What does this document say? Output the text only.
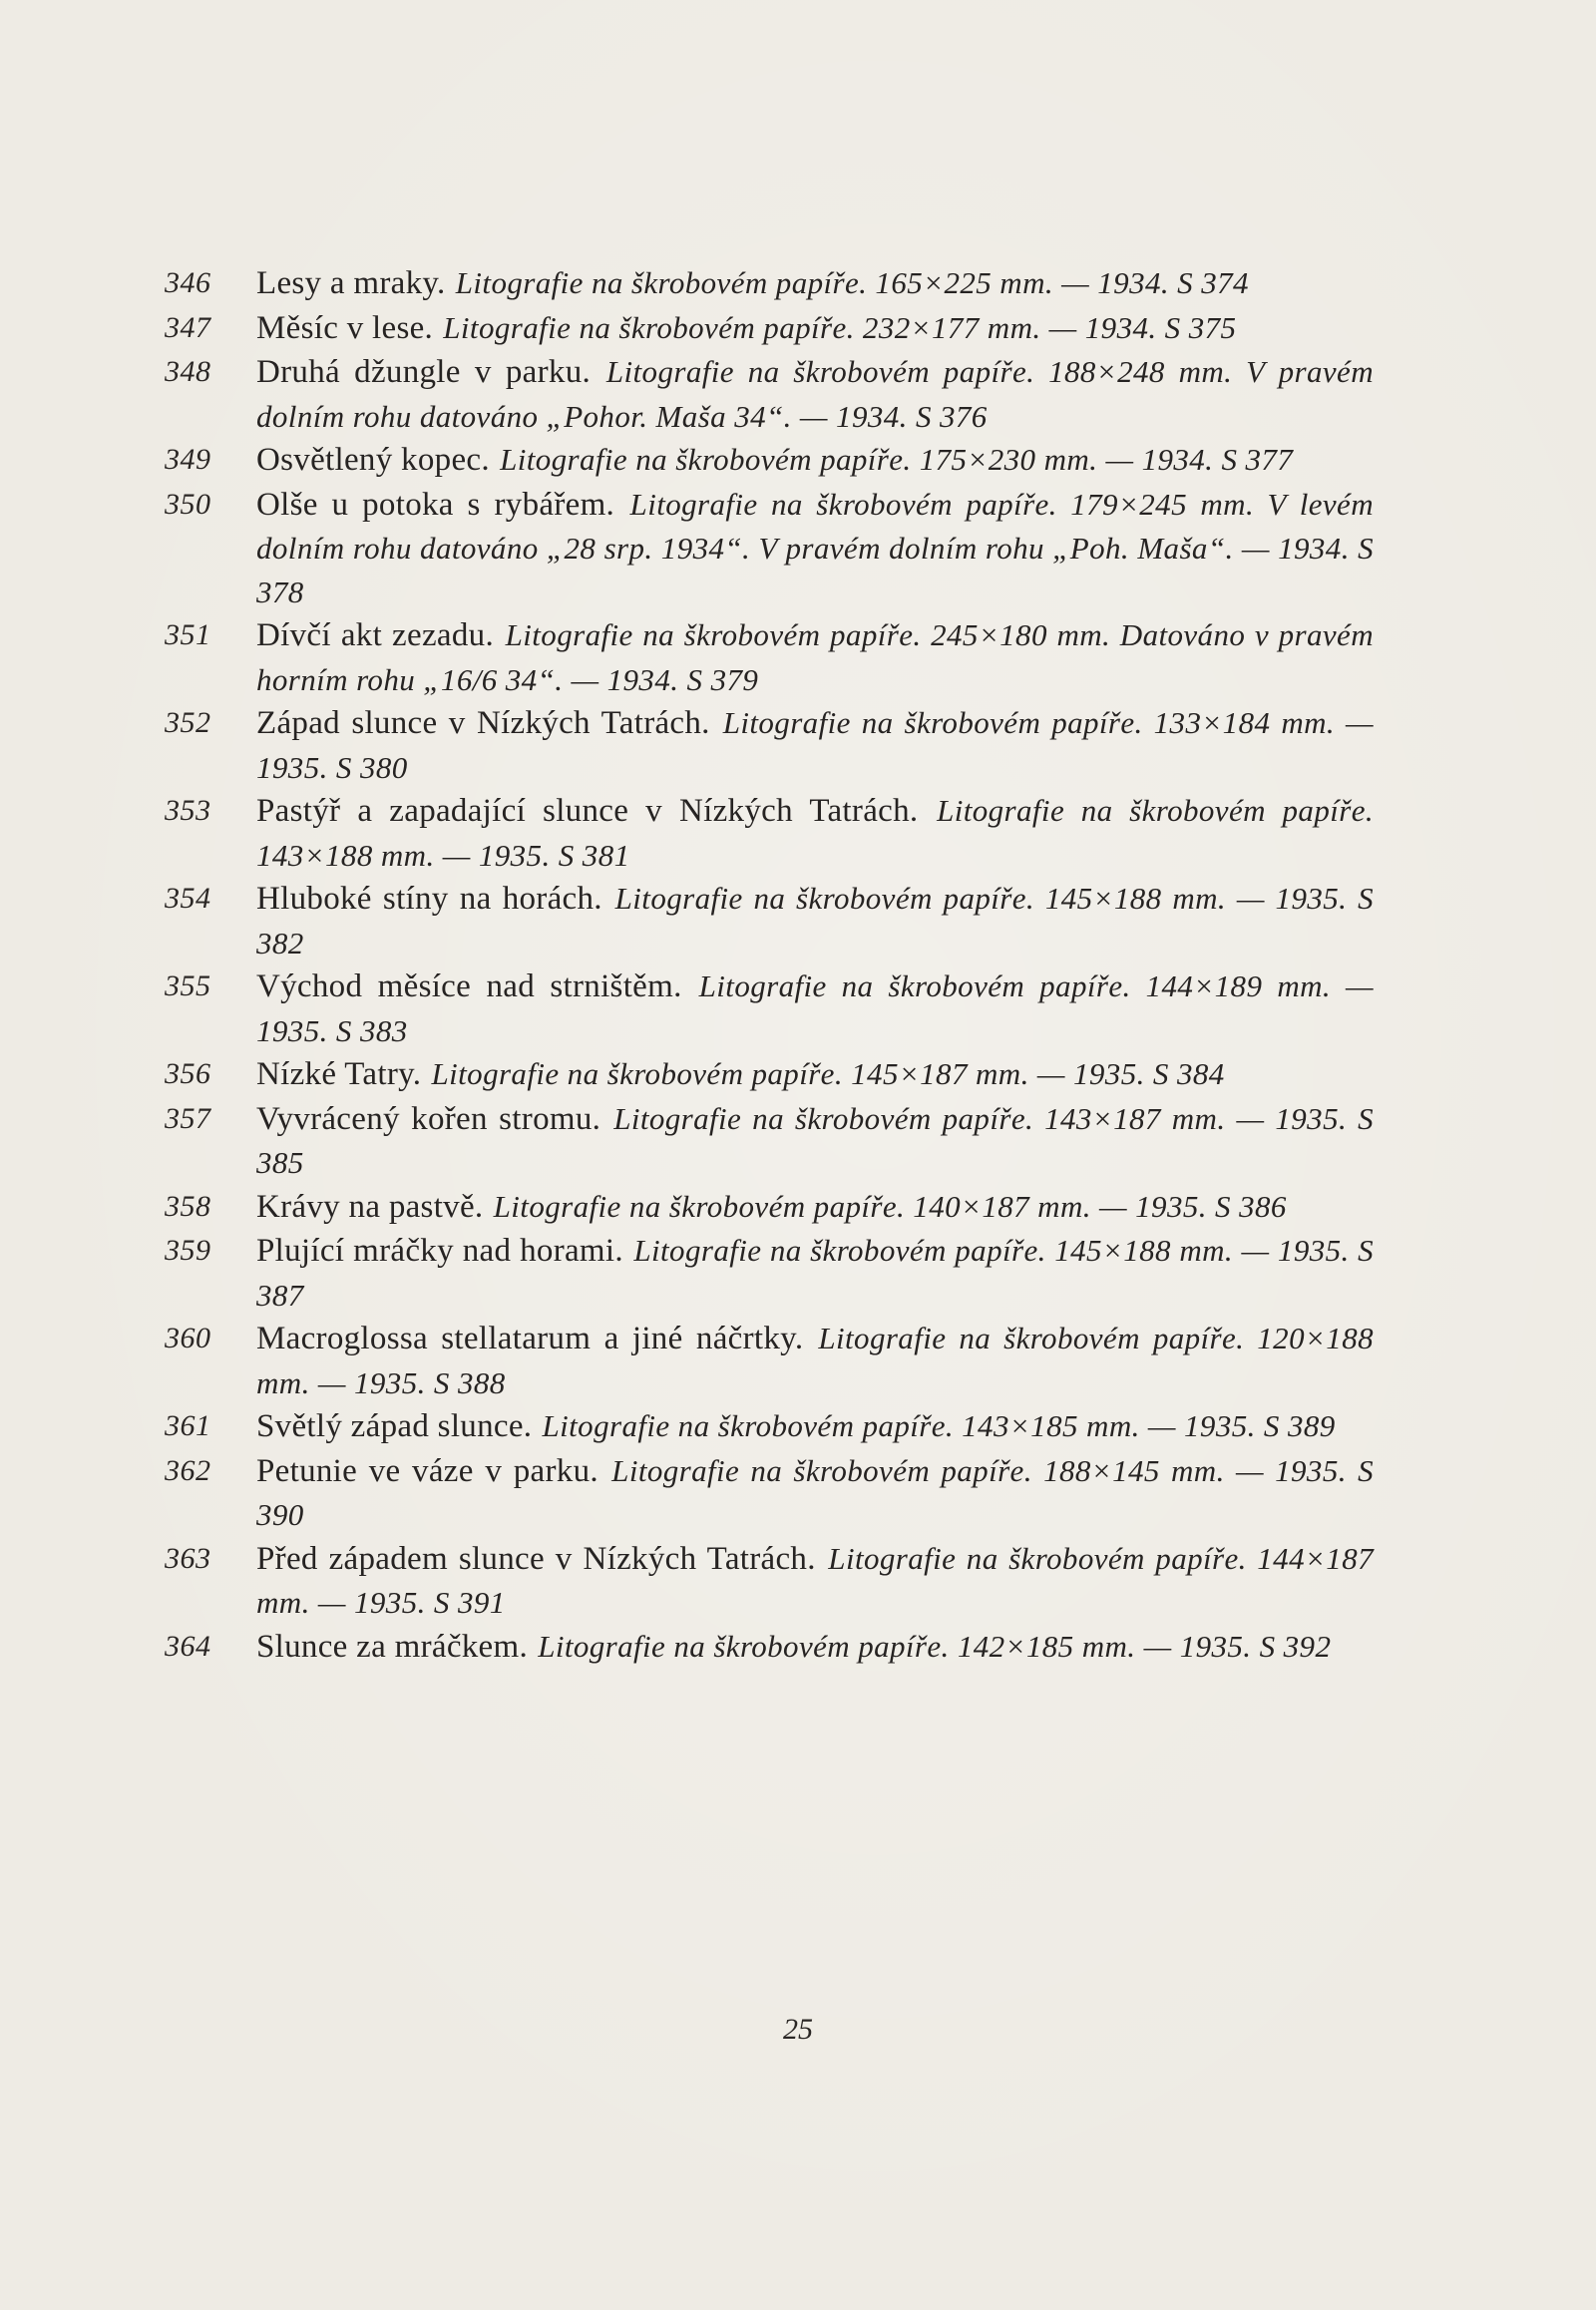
346 Lesy a mraky. Litografie na škrobovém papíře. 165×225 mm. — 1934. S 374
347 Měsíc v lese. Litografie na škrobovém papíře. 232×177 mm. — 1934. S 375
348 Druhá džungle v parku. Litografie na škrobovém papíře. 188×248 mm. V pravém dolním rohu datováno „Pohor. Maša 34“. — 1934. S 376
349 Osvětlený kopec. Litografie na škrobovém papíře. 175×230 mm. — 1934. S 377
350 Olše u potoka s rybářem. Litografie na škrobovém papíře. 179×245 mm. V levém dolním rohu datováno „28 srp. 1934“. V pravém dolním rohu „Poh. Maša“. — 1934. S 378
351 Dívčí akt zezadu. Litografie na škrobovém papíře. 245×180 mm. Datováno v pravém horním rohu „16/6 34“. — 1934. S 379
352 Západ slunce v Nízkých Tatrách. Litografie na škrobovém papíře. 133×184 mm. — 1935. S 380
353 Pastýř a zapadající slunce v Nízkých Tatrách. Litografie na škrobovém papíře. 143×188 mm. — 1935. S 381
354 Hluboké stíny na horách. Litografie na škrobovém papíře. 145×188 mm. — 1935. S 382
355 Východ měsíce nad strništěm. Litografie na škrobovém papíře. 144×189 mm. — 1935. S 383
356 Nízké Tatry. Litografie na škrobovém papíře. 145×187 mm. — 1935. S 384
357 Vyvrácený kořen stromu. Litografie na škrobovém papíře. 143×187 mm. — 1935. S 385
358 Krávy na pastvě. Litografie na škrobovém papíře. 140×187 mm. — 1935. S 386
359 Plující mráčky nad horami. Litografie na škrobovém papíře. 145×188 mm. — 1935. S 387
360 Macroglossa stellatarum a jiné náčrtky. Litografie na škrobovém papíře. 120×188 mm. — 1935. S 388
361 Světlý západ slunce. Litografie na škrobovém papíře. 143×185 mm. — 1935. S 389
362 Petunie ve váze v parku. Litografie na škrobovém papíře. 188×145 mm. — 1935. S 390
363 Před západem slunce v Nízkých Tatrách. Litografie na škrobovém papíře. 144×187 mm. — 1935. S 391
364 Slunce za mráčkem. Litografie na škrobovém papíře. 142×185 mm. — 1935. S 392
25
